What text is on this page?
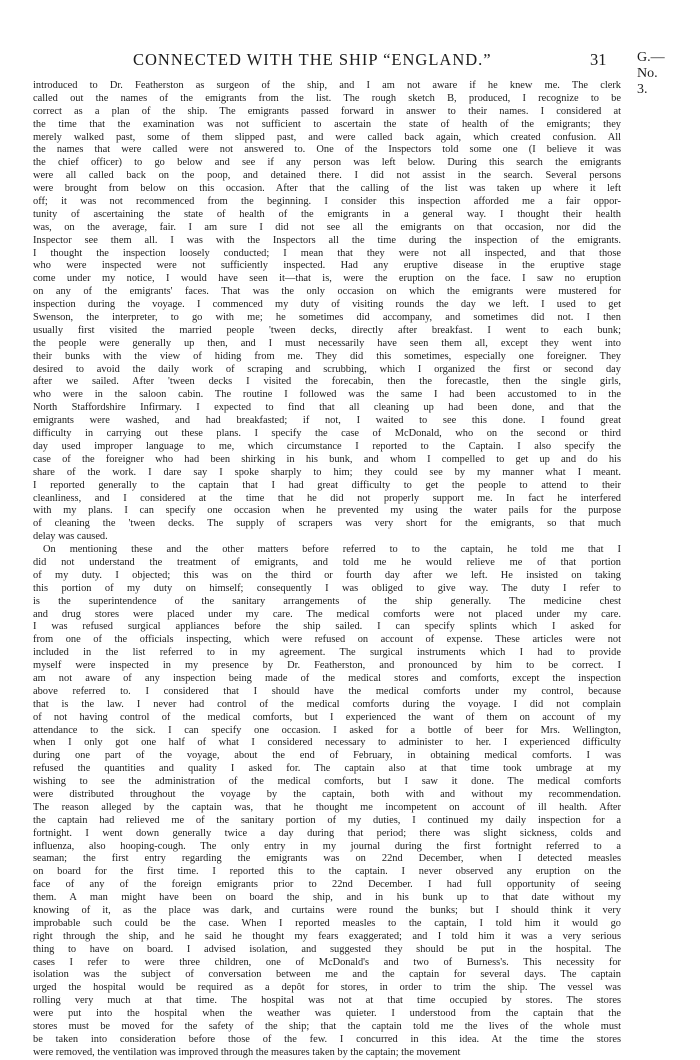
CONNECTED WITH THE SHIP “ENGLAND.”	31 G.—No. 3.
introduced to Dr. Featherston as surgeon of the ship, and I am not aware if he knew me. The clerk
called out the names of the emigrants from the list. The rough sketch B, produced, I recognize to be
correct as a plan of the ship. The emigrants passed forward in answer to their names. I considered at
the time that the examination was not sufficient to ascertain the state of health of the emigrants; they
merely walked past, some of them slipped past, and were called back again, which created confusion. All
the names that were called were not answered to. One of the Inspectors told some one (I believe it was
the chief officer) to go below and see if any person was left below. During this search the emigrants
were all called back on the poop, and detained there. I did not assist in the search. Several persons
were brought from below on this occasion. After that the calling of the list was taken up where it left
off; it was not recommenced from the beginning. I consider this inspection afforded me a fair oppor-
tunity of ascertaining the state of health of the emigrants in a general way. I thought their health
was, on the average, fair. I am sure I did not see all the emigrants on that occasion, nor did the
Inspector see them all. I was with the Inspectors all the time during the inspection of the emigrants.
I thought the inspection loosely conducted; I mean that they were not all inspected, and that those
who were inspected were not sufficiently inspected. Had any eruptive disease in the eruptive stage
come under my notice, I would have seen it—that is, were the eruption on the face. I saw no eruption
on any of the emigrants' faces. That was the only occasion on which the emigrants were mustered for
inspection during the voyage. I commenced my duty of visiting rounds the day we left. I used to get
Swenson, the interpreter, to go with me; he sometimes did accompany, and sometimes did not. I then
usually first visited the married people 'tween decks, directly after breakfast. I went to each bunk;
the people were generally up then, and I must necessarily have seen them all, except they went into
their bunks with the view of hiding from me. They did this sometimes, especially one foreigner. They
desired to avoid the daily work of scraping and scrubbing, which I organized the first or second day
after we sailed. After 'tween decks I visited the forecabin, then the forecastle, then the single girls,
who were in the saloon cabin. The routine I followed was the same I had been accustomed to in the
North Staffordshire Infirmary. I expected to find that all cleaning up had been done, and that the
emigrants were washed, and had breakfasted; if not, I waited to see this done. I found great
difficulty in carrying out these plans. I specify the case of McDonald, who on the second or third
day used improper language to me, which circumstance I reported to the Captain. I also specify the
case of the foreigner who had been shirking in his bunk, and whom I compelled to get up and do his
share of the work. I dare say I spoke sharply to him; they could see by my manner what I meant.
I reported generally to the captain that I had great difficulty to get the people to attend to their
cleanliness, and I considered at the time that he did not properly support me. In fact he interfered
with my plans. I can specify one occasion when he prevented my using the water pails for the purpose
of cleaning the 'tween decks. The supply of scrapers was very short for the emigrants, so that much
delay was caused.
On mentioning these and the other matters before referred to to the captain, he told me that I
did not understand the treatment of emigrants, and told me he would relieve me of that portion
of my duty. I objected; this was on the third or fourth day after we left. He insisted on taking
this portion of my duty on himself; consequently I was obliged to give way. The duty I refer to
is the superintendence of the sanitary arrangements of the ship generally. The medicine chest
and drug stores were placed under my care. The medical comforts were not placed under my care.
I was refused surgical appliances before the ship sailed. I can specify splints which I asked for
from one of the officials inspecting, which were refused on account of expense. These articles were not
included in the list referred to in my agreement. The surgical instruments which I had to provide
myself were inspected in my presence by Dr. Featherston, and pronounced by him to be correct. I
am not aware of any inspection being made of the medical stores and comforts, except the inspection
above referred to. I considered that I should have the medical comforts under my control, because
that is the law. I never had control of the medical comforts during the voyage. I did not complain
of not having control of the medical comforts, but I experienced the want of them on account of my
attendance to the sick. I can specify one occasion. I asked for a bottle of beer for Mrs. Wellington,
when I only got one half of what I considered necessary to administer to her. I experienced difficulty
during one part of the voyage, about the end of February, in obtaining medical comforts. I was
refused the quantities and quality I asked for. The captain also at that time took umbrage at my
wishing to see the administration of the medical comforts, but I saw it done. The medical comforts
were distributed throughout the voyage by the captain, both with and without my recommendation.
The reason alleged by the captain was, that he thought me incompetent on account of ill health. After
the captain had relieved me of the sanitary portion of my duties, I continued my daily inspection for a
fortnight. I went down generally twice a day during that period; there was slight sickness, colds and
influenza, also hooping-cough. The only entry in my journal during the first fortnight referred to a
seaman; the first entry regarding the emigrants was on 22nd December, when I detected measles
on board for the first time. I reported this to the captain. I never observed any eruption on the
face of any of the foreign emigrants prior to 22nd December. I had full opportunity of seeing
them. A man might have been on board the ship, and in his bunk up to that date without my
knowing of it, as the place was dark, and curtains were round the bunks; but I should think it very
improbable such could be the case. When I reported measles to the captain, I told him it would go
right through the ship, and he said he thought my fears exaggerated; and I told him it was a very serious
thing to have on board. I advised isolation, and suggested they should be put in the hospital. The
cases I refer to were three children, one of McDonald's and two of Burness's. This necessity for
isolation was the subject of conversation between me and the captain for several days. The captain
urged the hospital would be required as a depôt for stores, in order to trim the ship. The vessel was
rolling very much at that time. The hospital was not at that time occupied by stores. The stores
were put into the hospital when the weather was quieter. I understood from the captain that the
stores must be moved for the safety of the ship; that the captain told me the lives of the whole must
be taken into consideration before those of the few. I concurred in this idea. At the time the stores
were removed, the ventilation was improved through the measures taken by the captain; the movement
